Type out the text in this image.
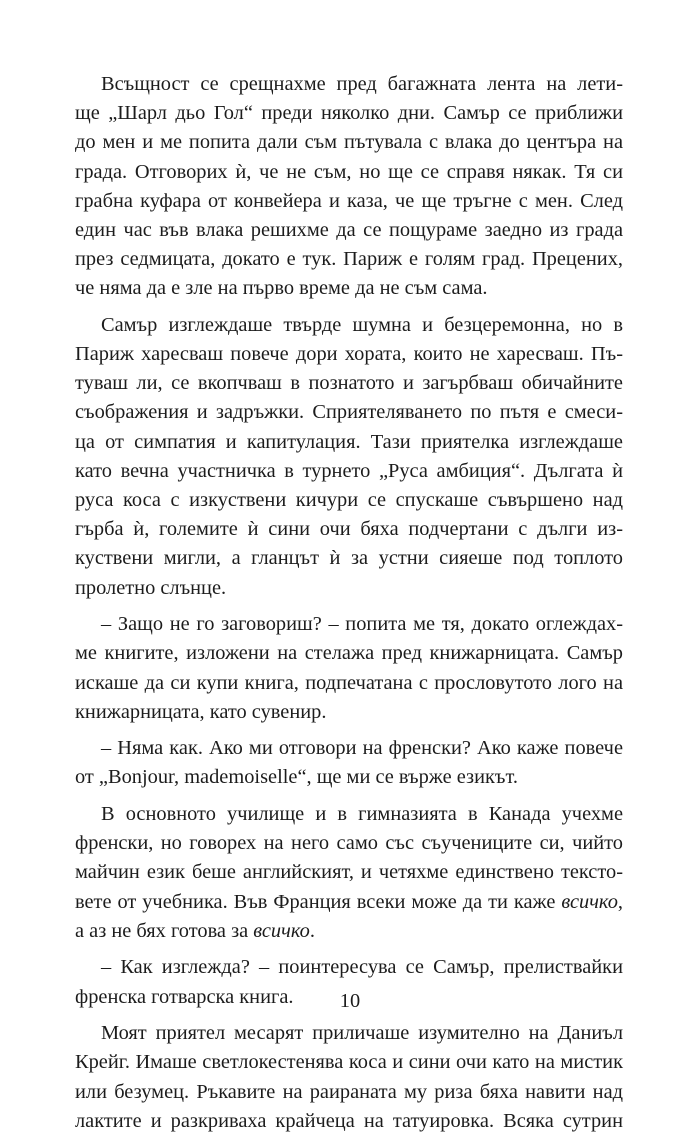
Всъщност се срещнахме пред багажната лента на лети-
ще „Шарл дьо Гол“ преди няколко дни. Самър се приближи
до мен и ме попита дали съм пътувала с влака до центъра на
града. Отговорих ѝ, че не съм, но ще се справя някак. Тя си
грабна куфара от конвейера и каза, че ще тръгне с мен. След
един час във влака решихме да се пощураме заедно из града
през седмицата, докато е тук. Париж е голям град. Прецених,
че няма да е зле на първо време да не съм сама.
Самър изглеждаше твърде шумна и безцеремонна, но в
Париж харесваш повече дори хората, които не харесваш. Пъ-
туваш ли, се вкопчваш в познатото и загърбваш обичайните
съображения и задръжки. Сприятеляването по пътя е смеси-
ца от симпатия и капитулация. Тази приятелка изглеждаше
като вечна участничка в турнето „Руса амбиция“. Дългата ѝ
руса коса с изкуствени кичури се спускаше съвършено над
гърба ѝ, големите ѝ сини очи бяха подчертани с дълги из-
куствени мигли, а гланцът ѝ за устни сияеше под топлото
пролетно слънце.
– Защо не го заговориш? – попита ме тя, докато оглеждах-
ме книгите, изложени на стелажа пред книжарницата. Самър
искаше да си купи книга, подпечатана с прословутото лого на
книжарницата, като сувенир.
– Няма как. Ако ми отговори на френски? Ако каже повече
от „Bonjour, mademoiselle“, ще ми се върже езикът.
В основното училище и в гимназията в Канада учехме
френски, но говорех на него само със съучениците си, чийто
майчин език беше английският, и четяхме единствено тексто-
вете от учебника. Във Франция всеки може да ти каже всичко,
а аз не бях готова за всичко.
– Как изглежда? – поинтересува се Самър, прелиствайки
френска готварска книга.
Моят приятел месарят приличаше изумително на Даниъл
Крейг. Имаше светлокестенява коса и сини очи като на мистик
или безумец. Ръкавите на раираната му риза бяха навити над
лактите и разкриваха крайчеца на татуировка. Всяка сутрин
10
